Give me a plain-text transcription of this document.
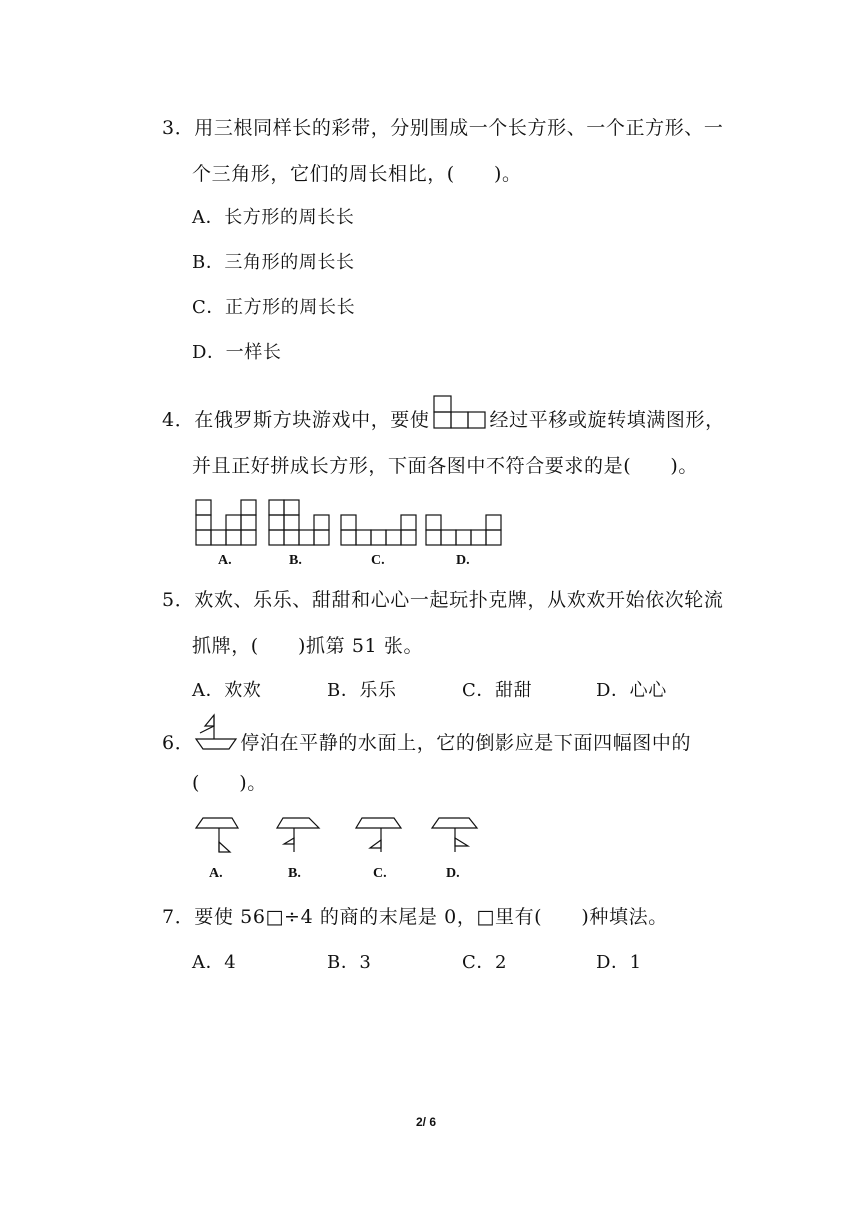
3．用三根同样长的彩带，分别围成一个长方形、一个正方形、一
个三角形，它们的周长相比，(　　)。
A．长方形的周长长
B．三角形的周长长
C．正方形的周长长
D．一样长
4．在俄罗斯方块游戏中，要使	经过平移或旋转填满图形，
并且正好拼成长方形，下面各图中不符合要求的是(　　)。
A.	B.	C.	D.
5．欢欢、乐乐、甜甜和心心一起玩扑克牌，从欢欢开始依次轮流
抓牌，(　　)抓第 51 张。
A．欢欢	B．乐乐	C．甜甜	D．心心
6． 停泊在平静的水面上，它的倒影应是下面四幅图中的
(　　)。
A.	B.	C.	D.
7．要使 56□÷4 的商的末尾是 0，□里有(　　)种填法。
A．4	B．3	C．2	D．1
2/ 6
